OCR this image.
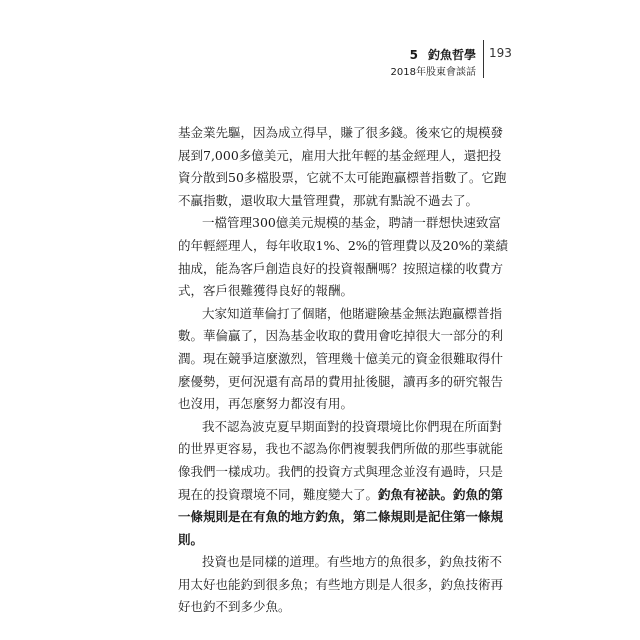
5 釣魚哲學
2018年股東會談話
193
基金業先驅，因為成立得早，賺了很多錢。後來它的規模發
展到7,000多億美元，雇用大批年輕的基金經理人，還把投
資分散到50多檔股票，它就不太可能跑贏標普指數了。它跑
不贏指數，還收取大量管理費，那就有點說不過去了。
一檔管理300億美元規模的基金，聘請一群想快速致富
的年輕經理人，每年收取1%、2%的管理費以及20%的業績
抽成，能為客戶創造良好的投資報酬嗎？按照這樣的收費方
式，客戶很難獲得良好的報酬。
大家知道華倫打了個賭，他賭避險基金無法跑贏標普指
數。華倫贏了，因為基金收取的費用會吃掉很大一部分的利
潤。現在競爭這麼激烈，管理幾十億美元的資金很難取得什
麼優勢，更何況還有高昂的費用扯後腿，讀再多的研究報告
也沒用，再怎麼努力都沒有用。
我不認為波克夏早期面對的投資環境比你們現在所面對
的世界更容易，我也不認為你們複製我們所做的那些事就能
像我們一樣成功。我們的投資方式與理念並沒有過時，只是
現在的投資環境不同，難度變大了。釣魚有祕訣。釣魚的第
一條規則是在有魚的地方釣魚，第二條規則是記住第一條規
則。
投資也是同樣的道理。有些地方的魚很多，釣魚技術不
用太好也能釣到很多魚；有些地方則是人很多，釣魚技術再
好也釣不到多少魚。
